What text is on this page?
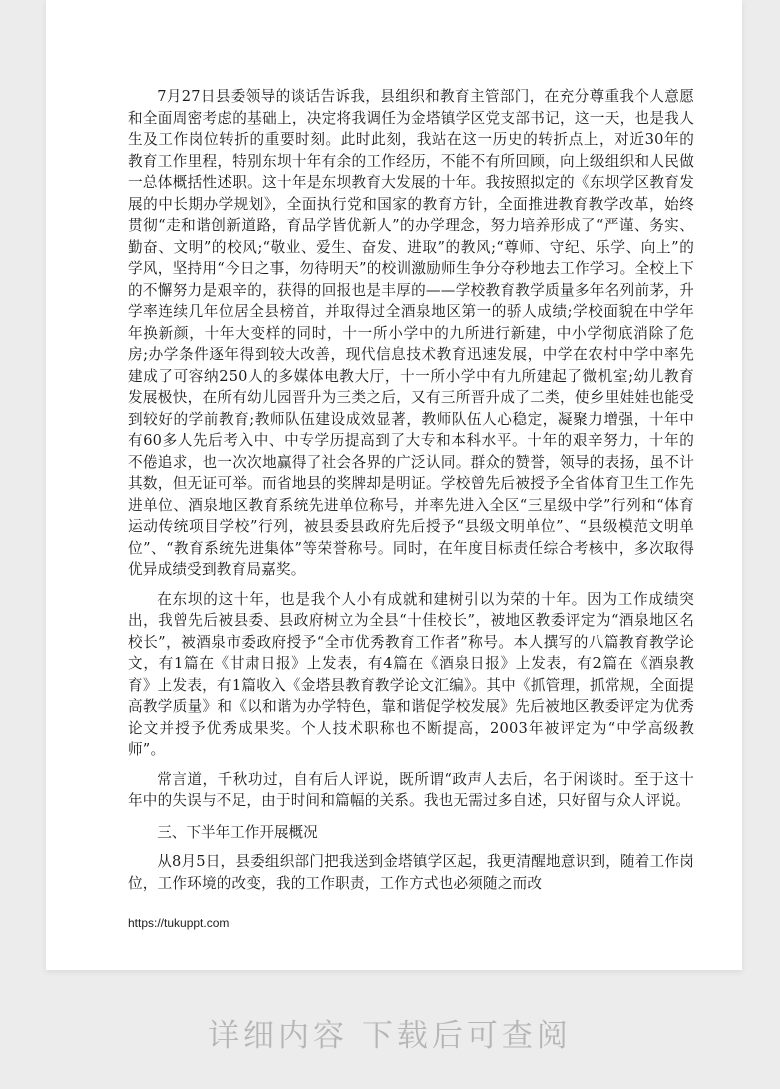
7月27日县委领导的谈话告诉我，县组织和教育主管部门，在充分尊重我个人意愿和全面周密考虑的基础上，决定将我调任为金塔镇学区党支部书记，这一天，也是我人生及工作岗位转折的重要时刻。此时此刻，我站在这一历史的转折点上，对近30年的教育工作里程，特别东坝十年有余的工作经历，不能不有所回顾，向上级组织和人民做一总体概括性述职。这十年是东坝教育大发展的十年。我按照拟定的《东坝学区教育发展的中长期办学规划》，全面执行党和国家的教育方针，全面推进教育教学改革，始终贯彻“走和谐创新道路，育品学皆优新人”的办学理念，努力培养形成了“严谨、务实、勤奋、文明”的校风;“敬业、爱生、奋发、进取”的教风;“尊师、守纪、乐学、向上”的学风，坚持用“今日之事，勿待明天”的校训激励师生争分夺秒地去工作学习。全校上下的不懈努力是艰辛的，获得的回报也是丰厚的——学校教育教学质量多年名列前茅，升学率连续几年位居全县榜首，并取得过全酒泉地区第一的骄人成绩;学校面貌在中学年年换新颜，十年大变样的同时，十一所小学中的九所进行新建，中小学彻底消除了危房;办学条件逐年得到较大改善，现代信息技术教育迅速发展，中学在农村中学中率先建成了可容纳250人的多媒体电教大厅，十一所小学中有九所建起了微机室;幼儿教育发展极快，在所有幼儿园晋升为三类之后，又有三所晋升成了二类，使乡里娃娃也能受到较好的学前教育;教师队伍建设成效显著，教师队伍人心稳定，凝聚力增强，十年中有60多人先后考入中、中专学历提高到了大专和本科水平。十年的艰辛努力，十年的不倦追求，也一次次地赢得了社会各界的广泛认同。群众的赞誉，领导的表扬，虽不计其数，但无证可举。而省地县的奖牌却是明证。学校曾先后被授予全省体育卫生工作先进单位、酒泉地区教育系统先进单位称号，并率先进入全区“三星级中学”行列和“体育运动传统项目学校”行列，被县委县政府先后授予“县级文明单位”、“县级模范文明单位”、“教育系统先进集体”等荣誉称号。同时，在年度目标责任综合考核中，多次取得优异成绩受到教育局嘉奖。

在东坝的这十年，也是我个人小有成就和建树引以为荣的十年。因为工作成绩突出，我曾先后被县委、县政府树立为全县“十佳校长”，被地区教委评定为“酒泉地区名校长”，被酒泉市委政府授予“全市优秀教育工作者”称号。本人撰写的八篇教育教学论文，有1篇在《甘肃日报》上发表，有4篇在《酒泉日报》上发表，有2篇在《酒泉教育》上发表，有1篇收入《金塔县教育教学论文汇编》。其中《抓管理，抓常规，全面提高教学质量》和《以和谐为办学特色，靠和谐促学校发展》先后被地区教委评定为优秀论文并授予优秀成果奖。个人技术职称也不断提高，2003年被评定为“中学高级教师”。

常言道，千秋功过，自有后人评说，既所谓“政声人去后，名于闲谈时。至于这十年中的失误与不足，由于时间和篇幅的关系。我也无需过多自述，只好留与众人评说。

三、下半年工作开展概况

从8月5日，县委组织部门把我送到金塔镇学区起，我更清醒地意识到，随着工作岗位，工作环境的改变，我的工作职责，工作方式也必须随之而改

https://tukuppt.com
详细内容 下载后可查阅
